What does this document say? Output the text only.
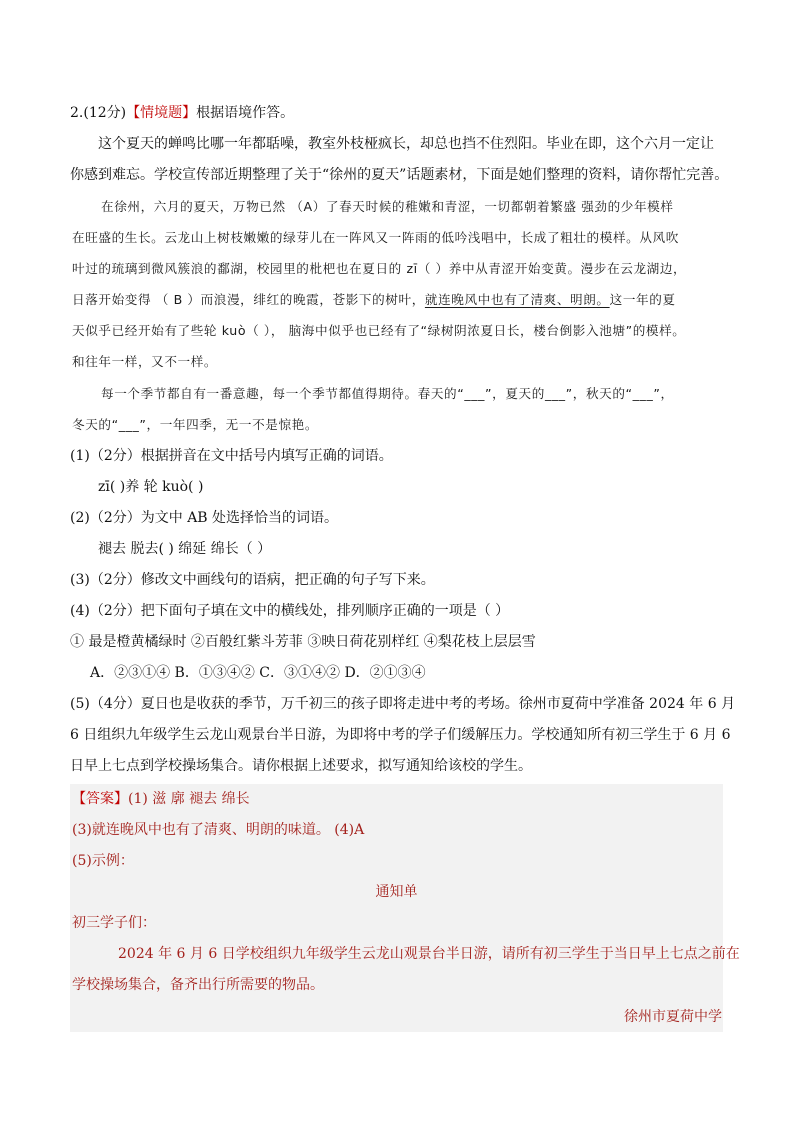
2.(12分)【情境题】根据语境作答。
这个夏天的蝉鸣比哪一年都聒噪，教室外枝桠疯长，却总也挡不住烈阳。毕业在即，这个六月一定让
你感到难忘。学校宣传部近期整理了关于“徐州的夏天”话题素材，下面是她们整理的资料，请你帮忙完善。
在徐州，六月的夏天，万物已然 （A）了春天时候的稚嫩和青涩，一切都朝着繁盛 强劲的少年模样
在旺盛的生长。云龙山上树枝嫩嫩的绿芽儿在一阵风又一阵雨的低吟浅唱中，长成了粗壮的模样。从风吹
叶过的琉璃到微风簇浪的鄱湖，校园里的枇杷也在夏日的 zī（ ）养中从青涩开始变黄。漫步在云龙湖边，
日落开始变得 （ B ）而浪漫，绯红的晚霞，苍影下的树叶，就连晚风中也有了清爽、明朗。这一年的夏
天似乎已经开始有了些轮 kuò（ ）， 脑海中似乎也已经有了“绿树阴浓夏日长，楼台倒影入池塘”的模样。
和往年一样，又不一样。
每一个季节都自有一番意趣，每一个季节都值得期待。春天的“___”，夏天的___”，秋天的“___”，
冬天的“___”，一年四季，无一不是惊艳。
(1)（2分）根据拼音在文中括号内填写正确的词语。
zī( )养 轮 kuò( )
(2)（2分）为文中 AB 处选择恰当的词语。
褪去 脱去( ) 绵延 绵长（ ）
(3)（2分）修改文中画线句的语病，把正确的句子写下来。
(4)（2分）把下面句子填在文中的横线处，排列顺序正确的一项是（ ）
① 最是橙黄橘绿时 ②百般红紫斗芳菲 ③映日荷花别样红 ④梨花枝上层层雪
A．②③①④ B．①③④② C．③①④② D．②①③④
(5)（4分）夏日也是收获的季节，万千初三的孩子即将走进中考的考场。徐州市夏荷中学准备 2024 年 6 月
6 日组织九年级学生云龙山观景台半日游，为即将中考的学子们缓解压力。学校通知所有初三学生于 6 月 6
日早上七点到学校操场集合。请你根据上述要求，拟写通知给该校的学生。
【答案】(1) 滋 廓 褪去 绵长
(3)就连晚风中也有了清爽、明朗的味道。 (4)A
(5)示例：
通知单
初三学子们：
2024 年 6 月 6 日学校组织九年级学生云龙山观景台半日游，请所有初三学生于当日早上七点之前在
学校操场集合，备齐出行所需要的物品。
徐州市夏荷中学
